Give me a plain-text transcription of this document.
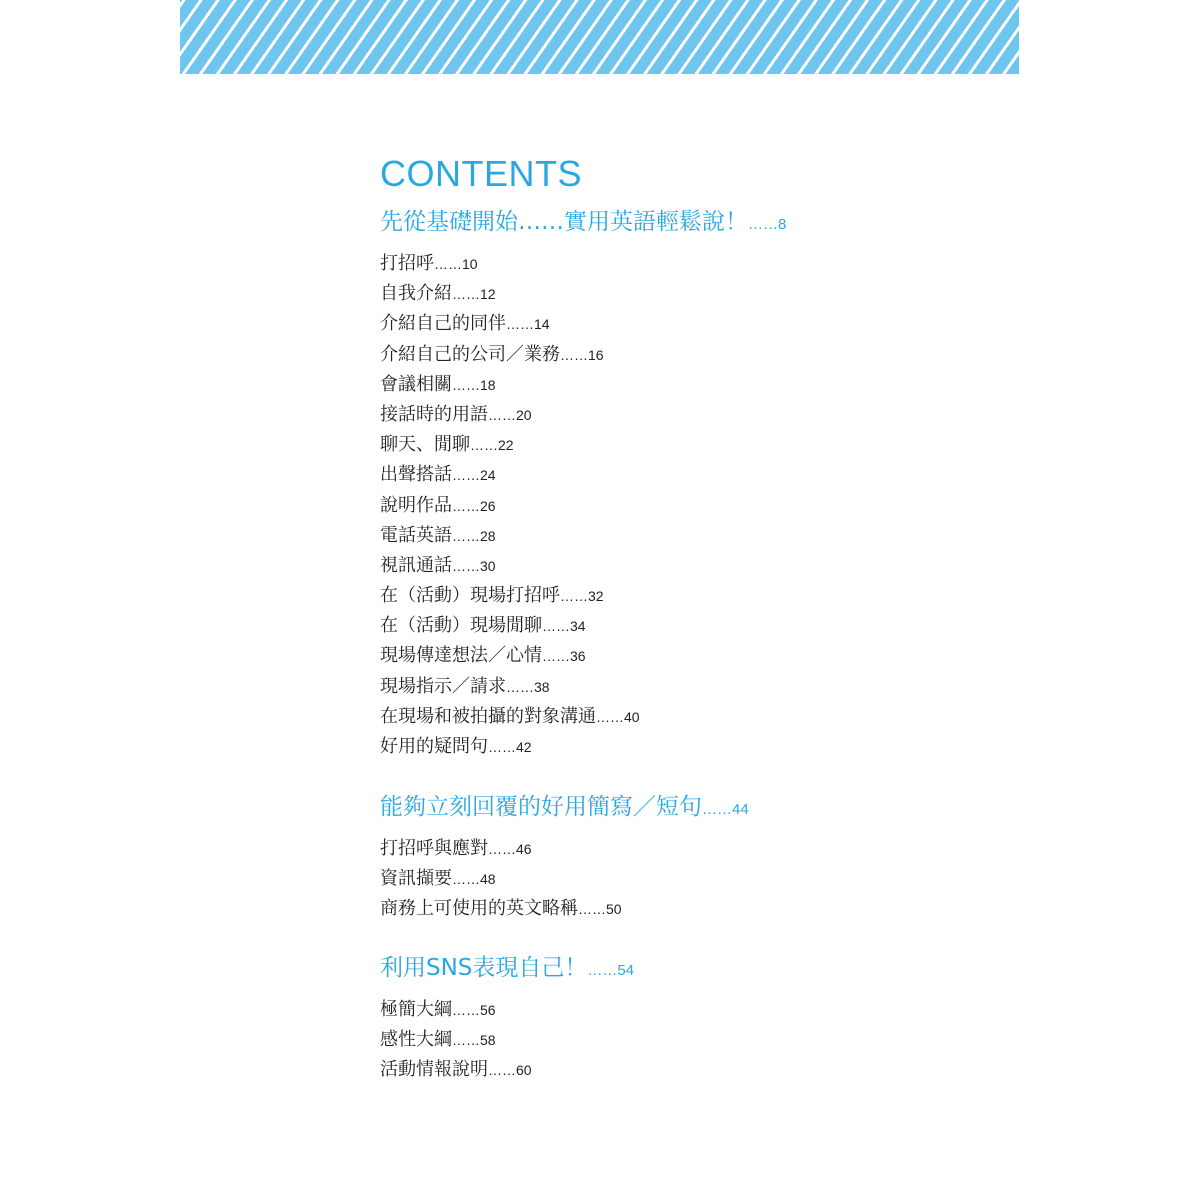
CONTENTS
先從基礎開始……實用英語輕鬆說！……8
打招呼……10
自我介紹……12
介紹自己的同伴……14
介紹自己的公司／業務……16
會議相關……18
接話時的用語……20
聊天、閒聊……22
出聲搭話……24
說明作品……26
電話英語……28
視訊通話……30
在（活動）現場打招呼……32
在（活動）現場閒聊……34
現場傳達想法／心情……36
現場指示／請求……38
在現場和被拍攝的對象溝通……40
好用的疑問句……42
能夠立刻回覆的好用簡寫／短句……44
打招呼與應對……46
資訊擷要……48
商務上可使用的英文略稱……50
利用SNS表現自己！……54
極簡大綱……56
感性大綱……58
活動情報說明……60
